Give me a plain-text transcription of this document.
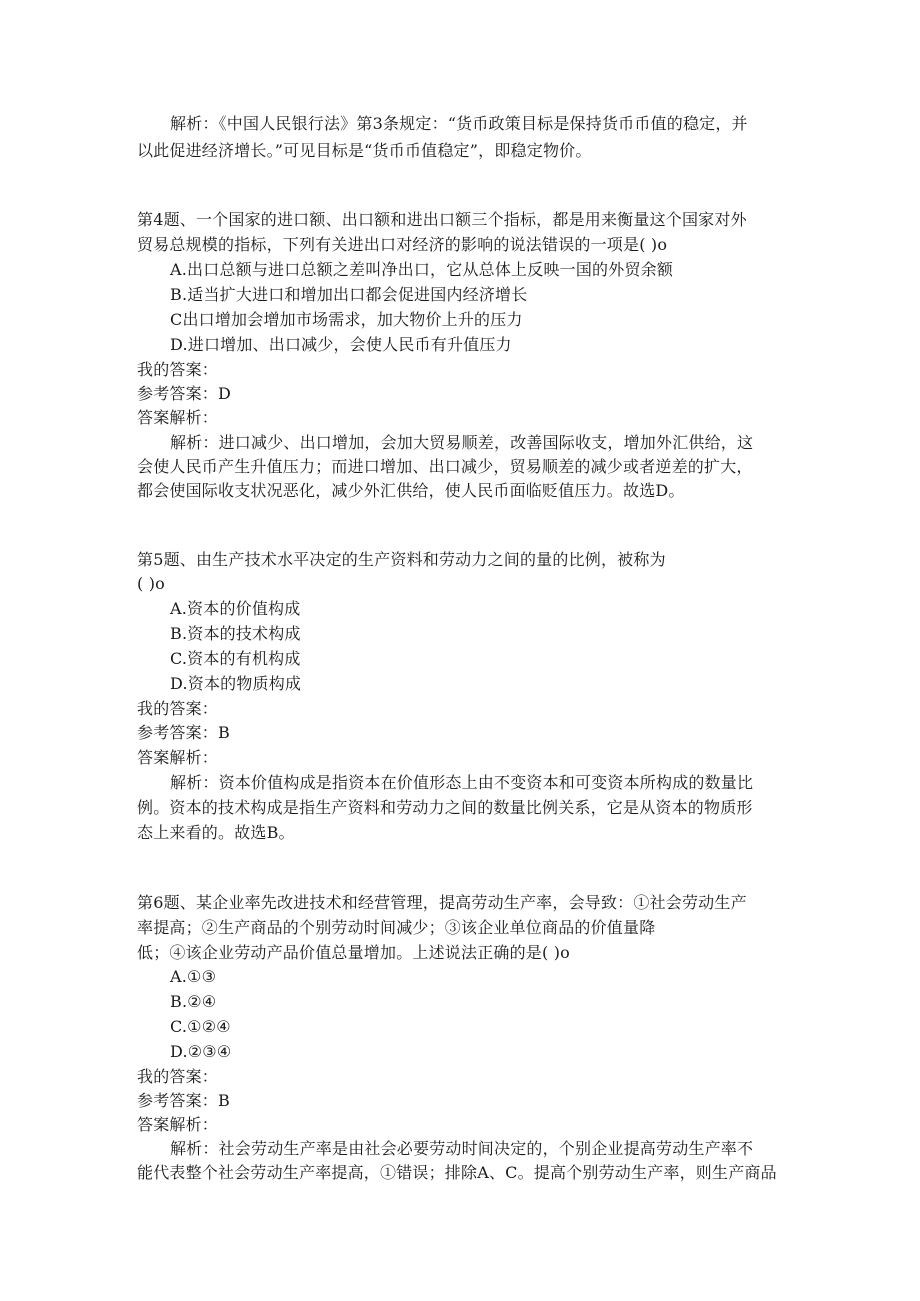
解析：《中国人民银行法》第3条规定：“货币政策目标是保持货币币值的稳定，并
以此促进经济增长。”可见目标是“货币币值稳定”，即稳定物价。
第4题、一个国家的进口额、出口额和进出口额三个指标，都是用来衡量这个国家对外
贸易总规模的指标，下列有关进出口对经济的影响的说法错误的一项是( )o
A.出口总额与进口总额之差叫净出口，它从总体上反映一国的外贸余额
B.适当扩大进口和增加出口都会促进国内经济增长
C出口增加会增加市场需求，加大物价上升的压力
D.进口增加、出口减少，会使人民币有升值压力
我的答案：
参考答案：D
答案解析：
解析：进口减少、出口增加，会加大贸易顺差，改善国际收支，增加外汇供给，这
会使人民币产生升值压力；而进口增加、出口减少，贸易顺差的减少或者逆差的扩大，
都会使国际收支状况恶化，减少外汇供给，使人民币面临贬值压力。故选D。
第5题、由生产技术水平决定的生产资料和劳动力之间的量的比例，被称为
( )o
A.资本的价值构成
B.资本的技术构成
C.资本的有机构成
D.资本的物质构成
我的答案：
参考答案：B
答案解析：
解析：资本价值构成是指资本在价值形态上由不变资本和可变资本所构成的数量比
例。资本的技术构成是指生产资料和劳动力之间的数量比例关系，它是从资本的物质形
态上来看的。故选B。
第6题、某企业率先改进技术和经营管理，提高劳动生产率，会导致：①社会劳动生产
率提高；②生产商品的个别劳动时间减少；③该企业单位商品的价值量降
低；④该企业劳动产品价值总量增加。上述说法正确的是( )o
A.①③
B.②④
C.①②④
D.②③④
我的答案：
参考答案：B
答案解析：
解析：社会劳动生产率是由社会必要劳动时间决定的，个别企业提高劳动生产率不
能代表整个社会劳动生产率提高，①错误；排除A、C。提高个别劳动生产率，则生产商品
